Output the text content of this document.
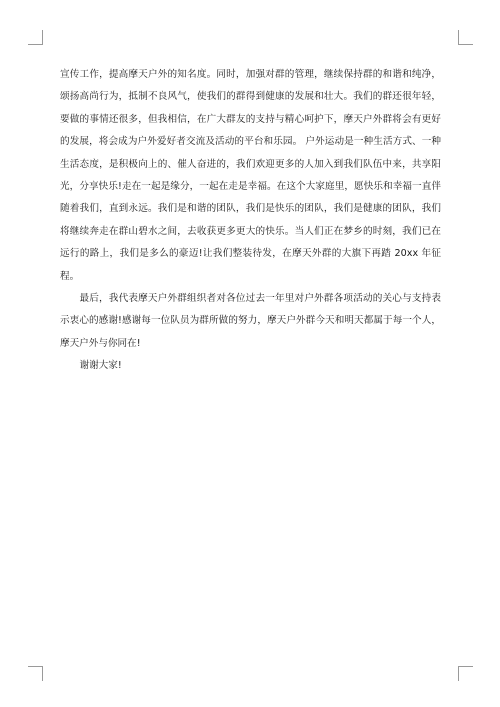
宣传工作，提高摩天户外的知名度。同时，加强对群的管理，继续保持群的和谐和纯净，颂扬高尚行为，抵制不良风气，使我们的群得到健康的发展和壮大。我们的群还很年轻，要做的事情还很多，但我相信，在广大群友的支持与精心呵护下，摩天户外群将会有更好的发展，将会成为户外爱好者交流及活动的平台和乐园。 户外运动是一种生活方式、一种生活态度，是积极向上的、催人奋进的，我们欢迎更多的人加入到我们队伍中来，共享阳光，分享快乐!走在一起是缘分，一起在走是幸福。在这个大家庭里，愿快乐和幸福一直伴随着我们，直到永远。我们是和谐的团队，我们是快乐的团队，我们是健康的团队，我们将继续奔走在群山碧水之间，去收获更多更大的快乐。当人们正在梦乡的时刻，我们已在远行的路上，我们是多么的豪迈!让我们整装待发，在摩天外群的大旗下再踏 20xx 年征程。

最后，我代表摩天户外群组织者对各位过去一年里对户外群各项活动的关心与支持表示衷心的感谢!感谢每一位队员为群所做的努力，摩天户外群今天和明天都属于每一个人，摩天户外与你同在!

谢谢大家!
